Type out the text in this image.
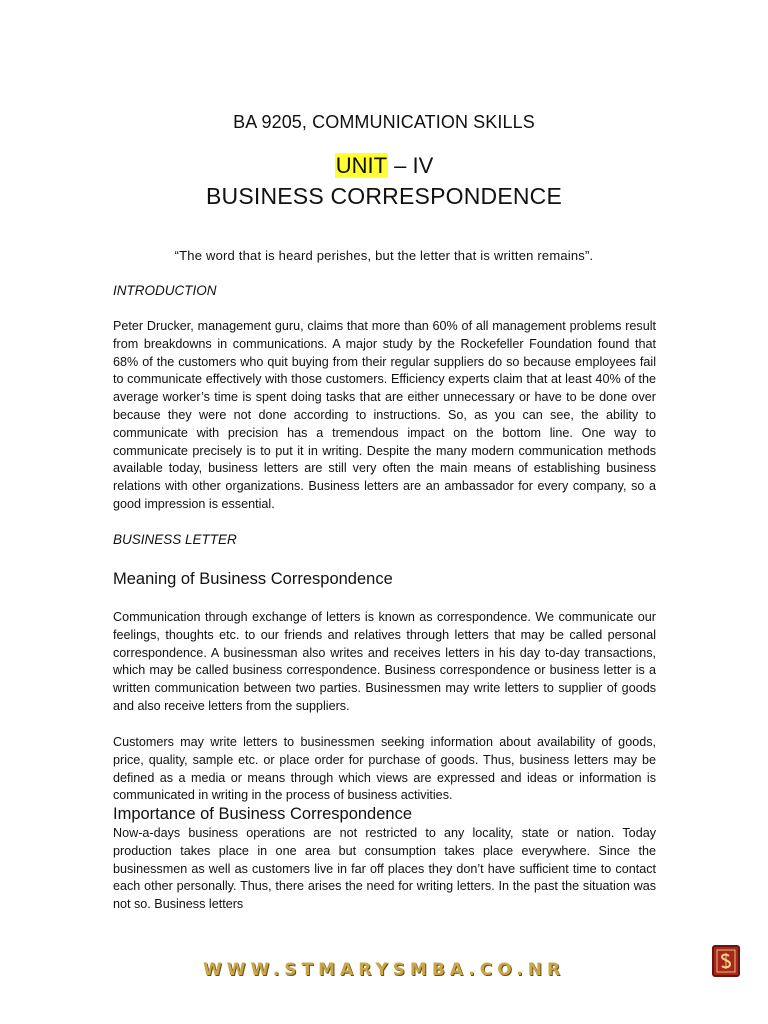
BA 9205, COMMUNICATION SKILLS
UNIT – IV
BUSINESS CORRESPONDENCE
“The word that is heard perishes, but the letter that is written remains”.
INTRODUCTION

Peter Drucker, management guru, claims that more than 60% of all management problems result from breakdowns in communications. A major study by the Rockefeller Foundation found that 68% of the customers who quit buying from their regular suppliers do so because employees fail to communicate effectively with those customers. Efficiency experts claim that at least 40% of the average worker’s time is spent doing tasks that are either unnecessary or have to be done over because they were not done according to instructions. So, as you can see, the ability to communicate with precision has a tremendous impact on the bottom line. One way to communicate precisely is to put it in writing. Despite the many modern communication methods available today, business letters are still very often the main means of establishing business relations with other organizations. Business letters are an ambassador for every company, so a good impression is essential.

BUSINESS LETTER
Meaning of Business Correspondence

Communication through exchange of letters is known as correspondence. We communicate our feelings, thoughts etc. to our friends and relatives through letters that may be called personal correspondence. A businessman also writes and receives letters in his day to-day transactions, which may be called business correspondence. Business correspondence or business letter is a written communication between two parties. Businessmen may write letters to supplier of goods and also receive letters from the suppliers.

Customers may write letters to businessmen seeking information about availability of goods, price, quality, sample etc. or place order for purchase of goods. Thus, business letters may be defined as a media or means through which views are expressed and ideas or information is communicated in writing in the process of business activities.

Importance of Business Correspondence

Now-a-days business operations are not restricted to any locality, state or nation. Today production takes place in one area but consumption takes place everywhere. Since the businessmen as well as customers live in far off places they don’t have sufficient time to contact each other personally. Thus, there arises the need for writing letters. In the past the situation was not so. Business letters

WWW.STMARYSMBA.CO.NR
